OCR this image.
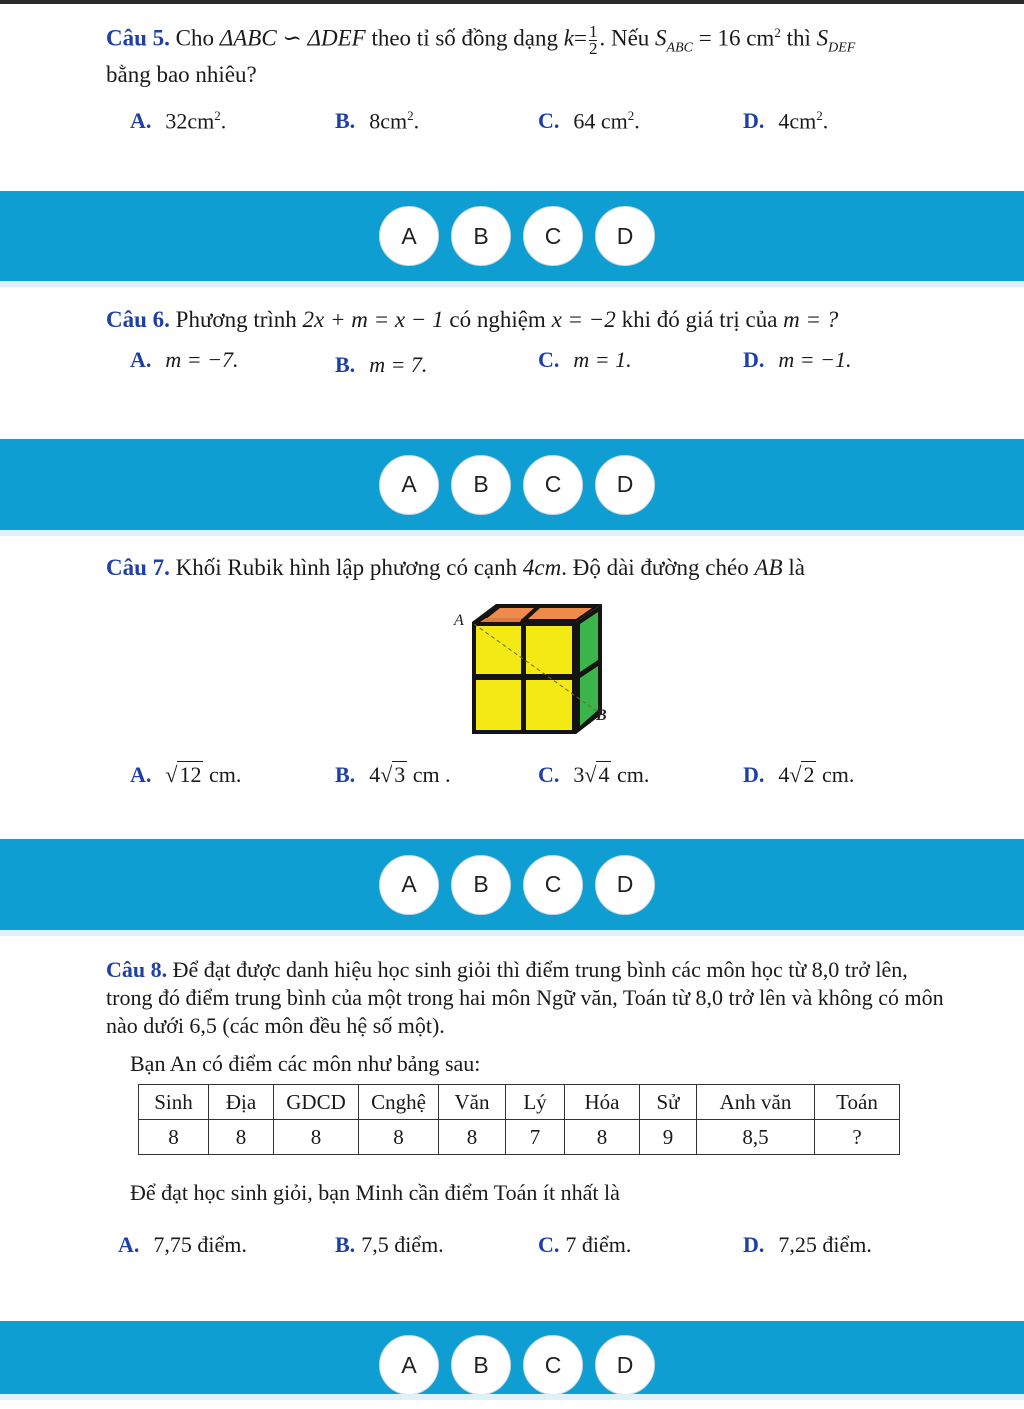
Câu 5. Cho ΔABC ∽ ΔDEF theo tỉ số đồng dạng $k= \frac{1}{2}$ . Nếu $S_{ABC} = 16$ $cm^2$ thì $S_{DEF}$
bằng bao nhiêu?
A. $32cm^2$.	B. $8cm^2$.	C. 64 $cm^2$.	D. $4cm^2$.
A	B	C	D
Câu 6. Phương trình 2x + m = x − 1 có nghiệm x = −2 khi đó giá trị của m = ?
A. m = −7.	B. m = 7.	C. m = 1.	D. m = −1.
A	B	C	D
Câu 7. Khối Rubik hình lập phương có cạnh 4cm. Độ dài đường chéo AB là
A
B
A. √12 cm.	B. 4√3 cm .	C. 3√4 cm.	D. 4√2 cm.
A	B	C	D
Câu 8. Để đạt được danh hiệu học sinh giỏi thì điểm trung bình các môn học từ 8,0 trở lên, trong đó điểm trung bình của một trong hai môn Ngữ văn, Toán từ 8,0 trở lên và không có môn nào dưới 6,5 (các môn đều hệ số một).
Bạn An có điểm các môn như bảng sau:
Sinh	Địa	GDCD	Cnghệ	Văn	Lý	Hóa	Sử	Anh văn	Toán
8	8	8	8	8	7	8	9	8,5	?
Để đạt học sinh giỏi, bạn Minh cần điểm Toán ít nhất là
A. 7,75 điểm.	B. 7,5 điểm.	C. 7 điểm.	D. 7,25 điểm.
A	B	C	D
